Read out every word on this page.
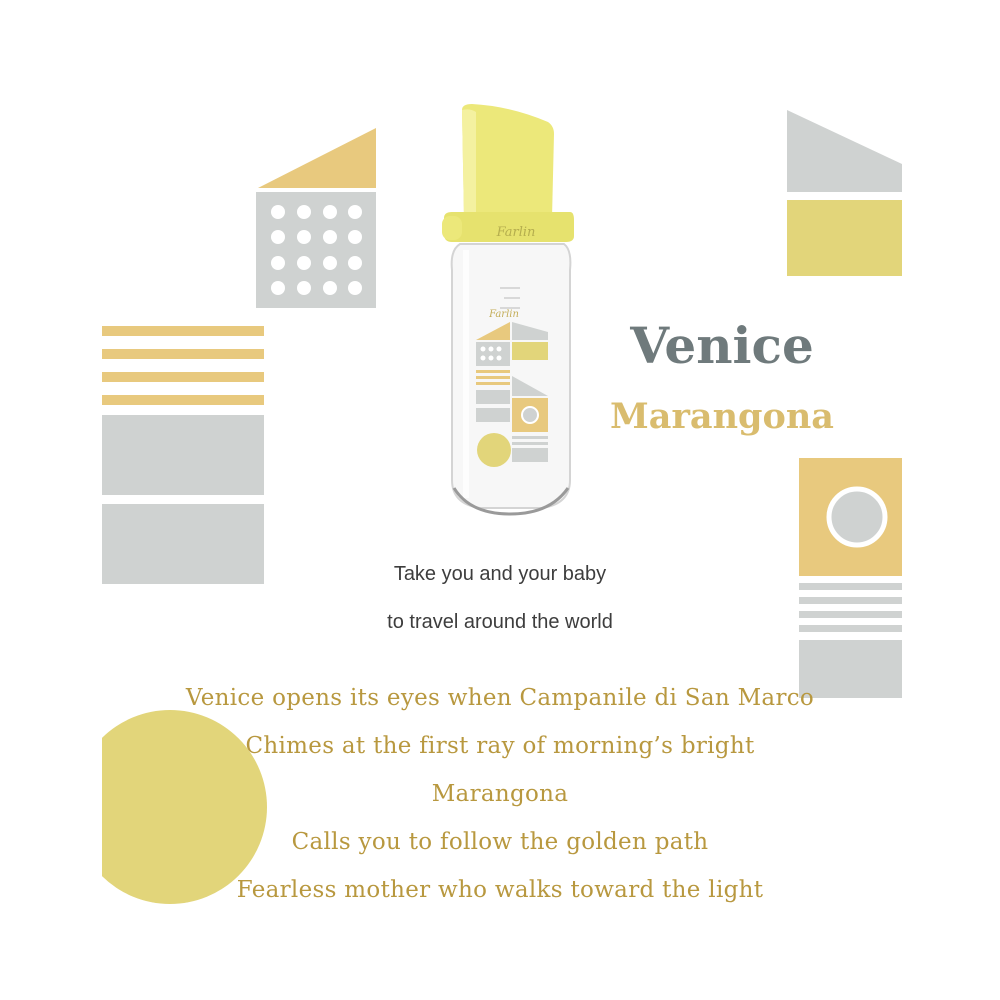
Farlin
Farlin
Venice
Marangona
Take you and your baby
to travel around the world
Venice opens its eyes when Campanile di San Marco
Chimes at the first ray of morning’s bright
Marangona
Calls you to follow the golden path
Fearless mother who walks toward the light
